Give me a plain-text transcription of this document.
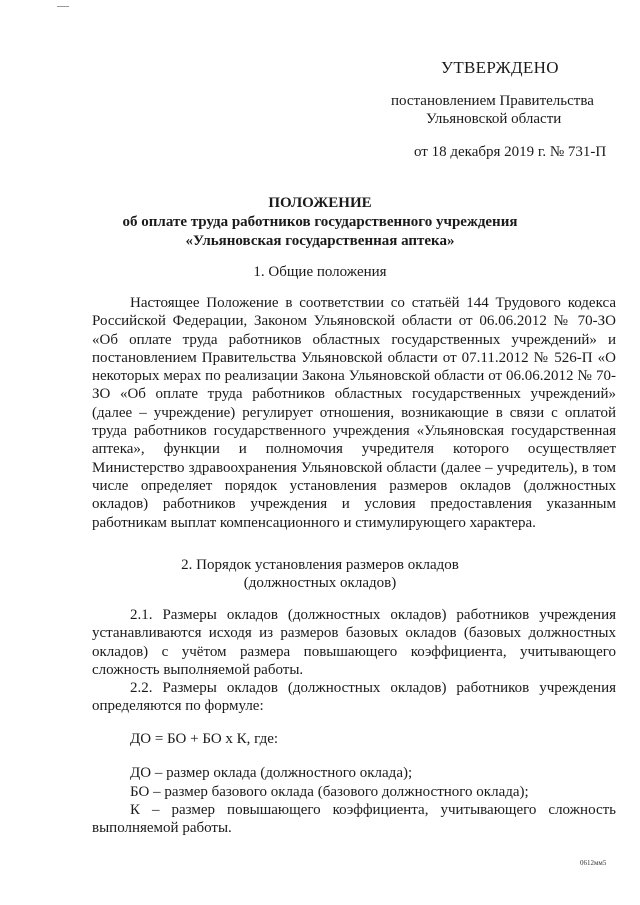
УТВЕРЖДЕНО
постановлением Правительства
Ульяновской области
от 18 декабря 2019 г. № 731-П
ПОЛОЖЕНИЕ
об оплате труда работников государственного учреждения
«Ульяновская государственная аптека»
1. Общие положения
Настоящее Положение в соответствии со статьёй 144 Трудового кодекса Российской Федерации, Законом Ульяновской области от 06.06.2012 № 70-ЗО «Об оплате труда работников областных государственных учреждений» и постановлением Правительства Ульяновской области от 07.11.2012 № 526-П «О некоторых мерах по реализации Закона Ульяновской области от 06.06.2012 № 70-ЗО «Об оплате труда работников областных государственных учреждений» (далее – учреждение) регулирует отношения, возникающие в связи с оплатой труда работников государственного учреждения «Ульяновская государственная аптека», функции и полномочия учредителя которого осуществляет Министерство здравоохранения Ульяновской области (далее – учредитель), в том числе определяет порядок установления размеров окладов (должностных окладов) работников учреждения и условия предоставления указанным работникам выплат компенсационного и стимулирующего характера.
2. Порядок установления размеров окладов
(должностных окладов)
2.1. Размеры окладов (должностных окладов) работников учреждения устанавливаются исходя из размеров базовых окладов (базовых должностных окладов) с учётом размера повышающего коэффициента, учитывающего сложность выполняемой работы.
2.2. Размеры окладов (должностных окладов) работников учреждения определяются по формуле:
ДО = БО + БО х К, где:
ДО – размер оклада (должностного оклада);
БО – размер базового оклада (базового должностного оклада);
К – размер повышающего коэффициента, учитывающего сложность выполняемой работы.
0612мм5
